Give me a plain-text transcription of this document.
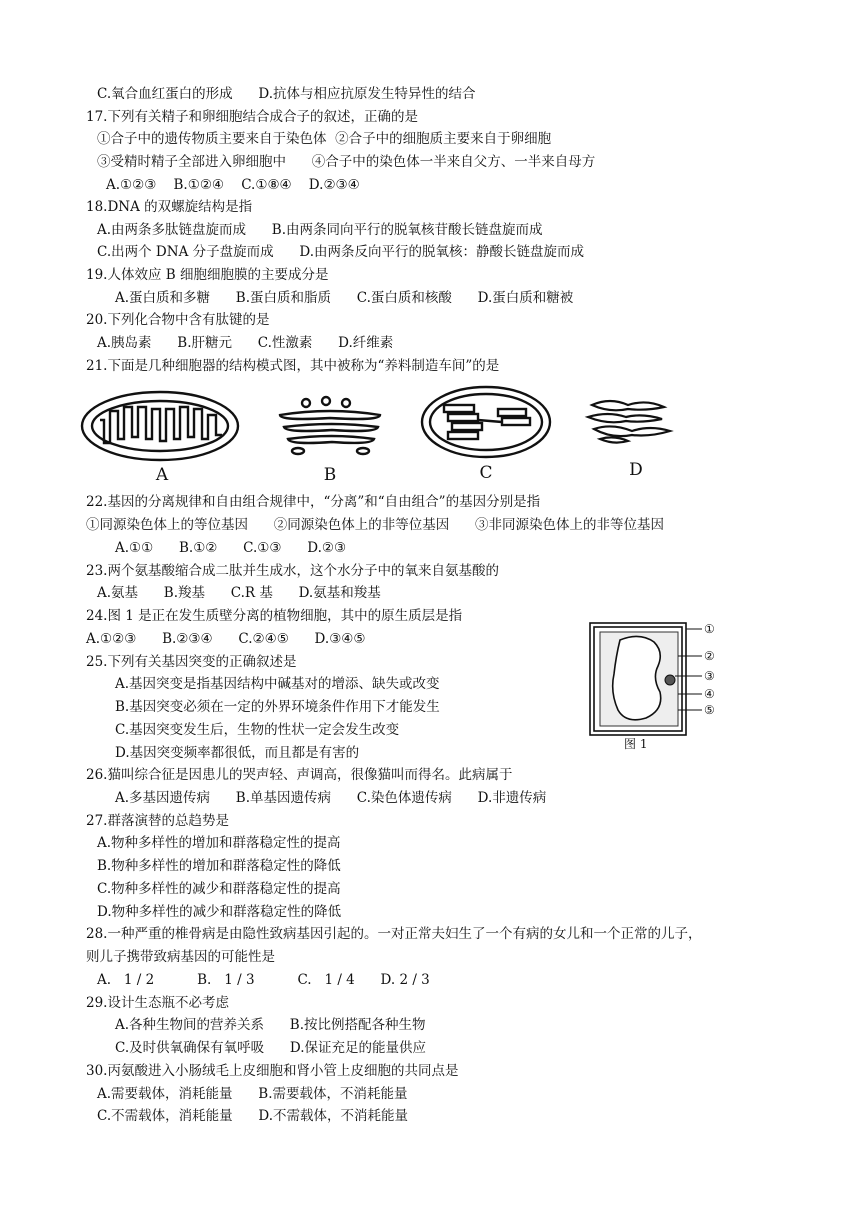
C.氧合血红蛋白的形成      D.抗体与相应抗原发生特异性的结合
17.下列有关精子和卵细胞结合成合子的叙述，正确的是
①合子中的遗传物质主要来自于染色体  ②合子中的细胞质主要来自于卵细胞
③受精时精子全部进入卵细胞中      ④合子中的染色体一半来自父方、一半来自母方
A.①②③    B.①②④    C.①⑧④    D.②③④
18.DNA 的双螺旋结构是指
A.由两条多肽链盘旋而成      B.由两条同向平行的脱氧核苷酸长链盘旋而成
C.出两个 DNA 分子盘旋而成      D.由两条反向平行的脱氧核：静酸长链盘旋而成
19.人体效应 B 细胞细胞膜的主要成分是
A.蛋白质和多糖      B.蛋白质和脂质      C.蛋白质和核酸      D.蛋白质和糖被
20.下列化合物中含有肽键的是
A.胰岛素      B.肝糖元      C.性激素      D.纤维素
21.下面是几种细胞器的结构模式图，其中被称为“养料制造车间”的是
A	B	C	D
22.基因的分离规律和自由组合规律中，“分离”和“自由组合”的基因分别是指
①同源染色体上的等位基因      ②同源染色体上的非等位基因      ③非同源染色体上的非等位基因
A.①①      B.①②      C.①③      D.②③
23.两个氨基酸缩合成二肽并生成水，这个水分子中的氧来自氨基酸的
A.氨基      B.羧基      C.R 基      D.氨基和羧基
24.图 1 是正在发生质壁分离的植物细胞，其中的原生质层是指
A.①②③      B.②③④      C.②④⑤      D.③④⑤
25.下列有关基因突变的正确叙述是
A.基因突变是指基因结构中碱基对的增添、缺失或改变
B.基因突变必须在一定的外界环境条件作用下才能发生
C.基因突变发生后，生物的性状一定会发生改变
D.基因突变频率都很低，而且都是有害的
①
②
③
④
⑤
图 1
26.猫叫综合征是因患儿的哭声轻、声调高，很像猫叫而得名。此病属于
A.多基因遗传病      B.单基因遗传病      C.染色体遗传病      D.非遗传病
27.群落演替的总趋势是
A.物种多样性的增加和群落稳定性的提高
B.物种多样性的增加和群落稳定性的降低
C.物种多样性的减少和群落稳定性的提高
D.物种多样性的减少和群落稳定性的降低
28.一种严重的椎骨病是由隐性致病基因引起的。一对正常夫妇生了一个有病的女儿和一个正常的儿子，
则儿子携带致病基因的可能性是
A.   1 / 2          B.   1 / 3          C.   1 / 4      D. 2 / 3
29.设计生态瓶不必考虑
A.各种生物间的营养关系      B.按比例搭配各种生物
C.及时供氧确保有氧呼吸      D.保证充足的能量供应
30.丙氨酸进入小肠绒毛上皮细胞和肾小管上皮细胞的共同点是
A.需要载体，消耗能量      B.需要载体，不消耗能量
C.不需载体，消耗能量      D.不需载体，不消耗能量
